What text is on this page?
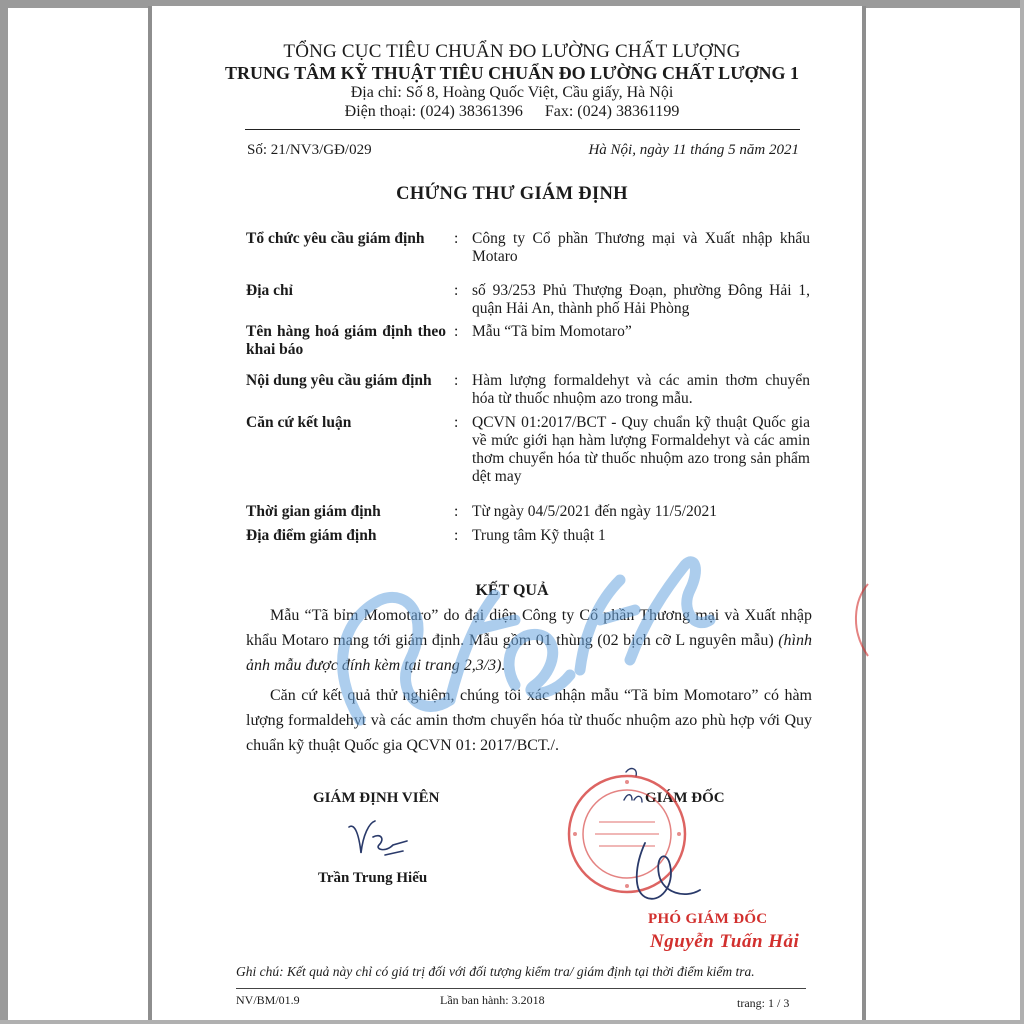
TỔNG CỤC TIÊU CHUẨN ĐO LƯỜNG CHẤT LƯỢNG
TRUNG TÂM KỸ THUẬT TIÊU CHUẨN ĐO LƯỜNG CHẤT LƯỢNG 1
Địa chỉ: Số 8, Hoàng Quốc Việt, Cầu giấy, Hà Nội
Điện thoại: (024) 38361396 Fax: (024) 38361199
Số: 21/NV3/GĐ/029	Hà Nội, ngày 11 tháng 5 năm 2021
CHỨNG THƯ GIÁM ĐỊNH
Tổ chức yêu cầu giám định	: Công ty Cổ phần Thương mại và Xuất nhập khẩu Motaro
Địa chỉ	: số 93/253 Phủ Thượng Đoạn, phường Đông Hải 1, quận Hải An, thành phố Hải Phòng
Tên hàng hoá giám định theo khai báo
: Mẫu “Tã bỉm Momotaro”
Nội dung yêu cầu giám định	: Hàm lượng formaldehyt và các amin thơm chuyển hóa từ thuốc nhuộm azo trong mẫu.
Căn cứ kết luận	: QCVN 01:2017/BCT - Quy chuẩn kỹ thuật Quốc gia về mức giới hạn hàm lượng Formaldehyt và các amin thơm chuyển hóa từ thuốc nhuộm azo trong sản phẩm dệt may
Thời gian giám định	: Từ ngày 04/5/2021 đến ngày 11/5/2021
Địa điểm giám định	: Trung tâm Kỹ thuật 1
KẾT QUẢ
Mẫu “Tã bỉm Momotaro” do đại diện Công ty Cổ phần Thương mại và Xuất nhập khẩu Motaro mang tới giám định. Mẫu gồm 01 thùng (02 bịch cỡ L nguyên mẫu) (hình ảnh mẫu được đính kèm tại trang 2,3/3).
Căn cứ kết quả thử nghiệm, chúng tôi xác nhận mẫu “Tã bỉm Momotaro” có hàm lượng formaldehyt và các amin thơm chuyển hóa từ thuốc nhuộm azo phù hợp với Quy chuẩn kỹ thuật Quốc gia QCVN 01: 2017/BCT./.
GIÁM ĐỊNH VIÊN
Trần Trung Hiếu
GIÁM ĐỐC
PHÓ GIÁM ĐỐC
Nguyễn Tuấn Hải
Ghi chú: Kết quả này chỉ có giá trị đối với đối tượng kiểm tra/ giám định tại thời điểm kiểm tra.
NV/BM/01.9	Lần ban hành: 3.2018	trang: 1 / 3
